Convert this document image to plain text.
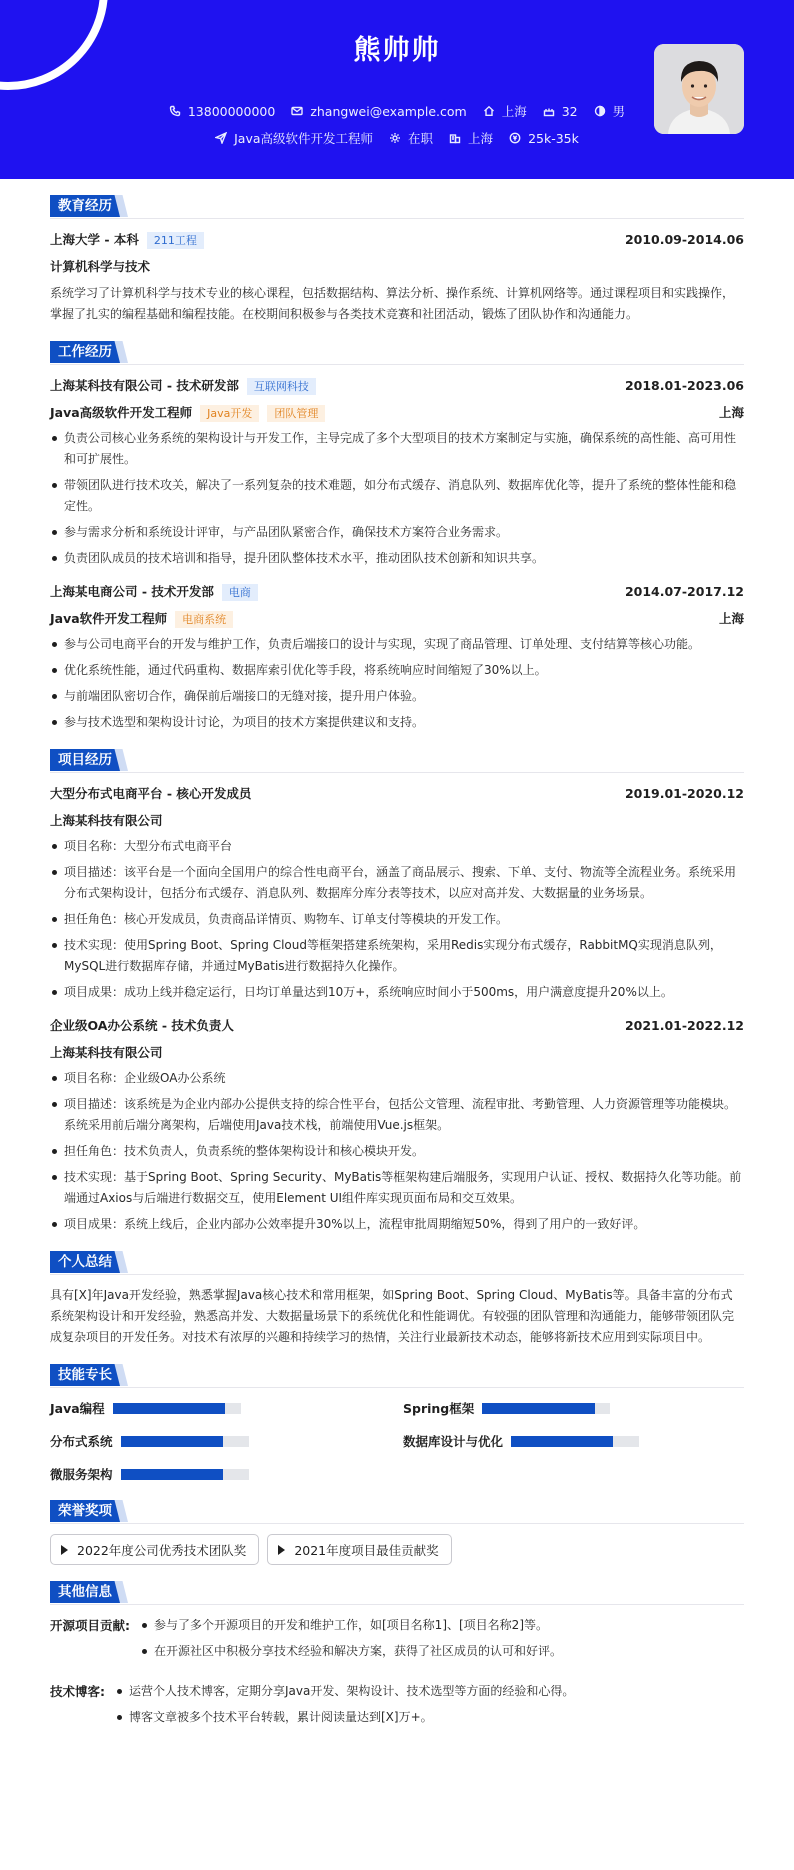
熊帅帅
13800000000	zhangwei@example.com	上海	32	男
Java高级软件开发工程师	在职	上海	25k-35k
教育经历
上海大学 - 本科 211工程	2010.09-2014.06
计算机科学与技术
系统学习了计算机科学与技术专业的核心课程，包括数据结构、算法分析、操作系统、计算机网络等。通过课程项目和实践操作，掌握了扎实的编程基础和编程技能。在校期间积极参与各类技术竞赛和社团活动，锻炼了团队协作和沟通能力。
工作经历
上海某科技有限公司 - 技术研发部 互联网科技	2018.01-2023.06
Java高级软件开发工程师 Java开发 团队管理	上海
负责公司核心业务系统的架构设计与开发工作，主导完成了多个大型项目的技术方案制定与实施，确保系统的高性能、高可用性和可扩展性。
带领团队进行技术攻关，解决了一系列复杂的技术难题，如分布式缓存、消息队列、数据库优化等，提升了系统的整体性能和稳定性。
参与需求分析和系统设计评审，与产品团队紧密合作，确保技术方案符合业务需求。
负责团队成员的技术培训和指导，提升团队整体技术水平，推动团队技术创新和知识共享。
上海某电商公司 - 技术开发部 电商	2014.07-2017.12
Java软件开发工程师 电商系统	上海
参与公司电商平台的开发与维护工作，负责后端接口的设计与实现，实现了商品管理、订单处理、支付结算等核心功能。
优化系统性能，通过代码重构、数据库索引优化等手段，将系统响应时间缩短了30%以上。
与前端团队密切合作，确保前后端接口的无缝对接，提升用户体验。
参与技术选型和架构设计讨论，为项目的技术方案提供建议和支持。
项目经历
大型分布式电商平台 - 核心开发成员	2019.01-2020.12
上海某科技有限公司
项目名称：大型分布式电商平台
项目描述：该平台是一个面向全国用户的综合性电商平台，涵盖了商品展示、搜索、下单、支付、物流等全流程业务。系统采用分布式架构设计，包括分布式缓存、消息队列、数据库分库分表等技术，以应对高并发、大数据量的业务场景。
担任角色：核心开发成员，负责商品详情页、购物车、订单支付等模块的开发工作。
技术实现：使用Spring Boot、Spring Cloud等框架搭建系统架构，采用Redis实现分布式缓存，RabbitMQ实现消息队列，MySQL进行数据库存储，并通过MyBatis进行数据持久化操作。
项目成果：成功上线并稳定运行，日均订单量达到10万+，系统响应时间小于500ms，用户满意度提升20%以上。
企业级OA办公系统 - 技术负责人	2021.01-2022.12
上海某科技有限公司
项目名称：企业级OA办公系统
项目描述：该系统是为企业内部办公提供支持的综合性平台，包括公文管理、流程审批、考勤管理、人力资源管理等功能模块。系统采用前后端分离架构，后端使用Java技术栈，前端使用Vue.js框架。
担任角色：技术负责人，负责系统的整体架构设计和核心模块开发。
技术实现：基于Spring Boot、Spring Security、MyBatis等框架构建后端服务，实现用户认证、授权、数据持久化等功能。前端通过Axios与后端进行数据交互，使用Element UI组件库实现页面布局和交互效果。
项目成果：系统上线后，企业内部办公效率提升30%以上，流程审批周期缩短50%，得到了用户的一致好评。
个人总结
具有[X]年Java开发经验，熟悉掌握Java核心技术和常用框架，如Spring Boot、Spring Cloud、MyBatis等。具备丰富的分布式系统架构设计和开发经验，熟悉高并发、大数据量场景下的系统优化和性能调优。有较强的团队管理和沟通能力，能够带领团队完成复杂项目的开发任务。对技术有浓厚的兴趣和持续学习的热情，关注行业最新技术动态，能够将新技术应用到实际项目中。
技能专长
Java编程	Spring框架
分布式系统	数据库设计与优化
微服务架构
荣誉奖项
2022年度公司优秀技术团队奖	2021年度项目最佳贡献奖
其他信息
开源项目贡献:	参与了多个开源项目的开发和维护工作，如[项目名称1]、[项目名称2]等。
在开源社区中积极分享技术经验和解决方案，获得了社区成员的认可和好评。
技术博客:	运营个人技术博客，定期分享Java开发、架构设计、技术选型等方面的经验和心得。
博客文章被多个技术平台转载，累计阅读量达到[X]万+。
